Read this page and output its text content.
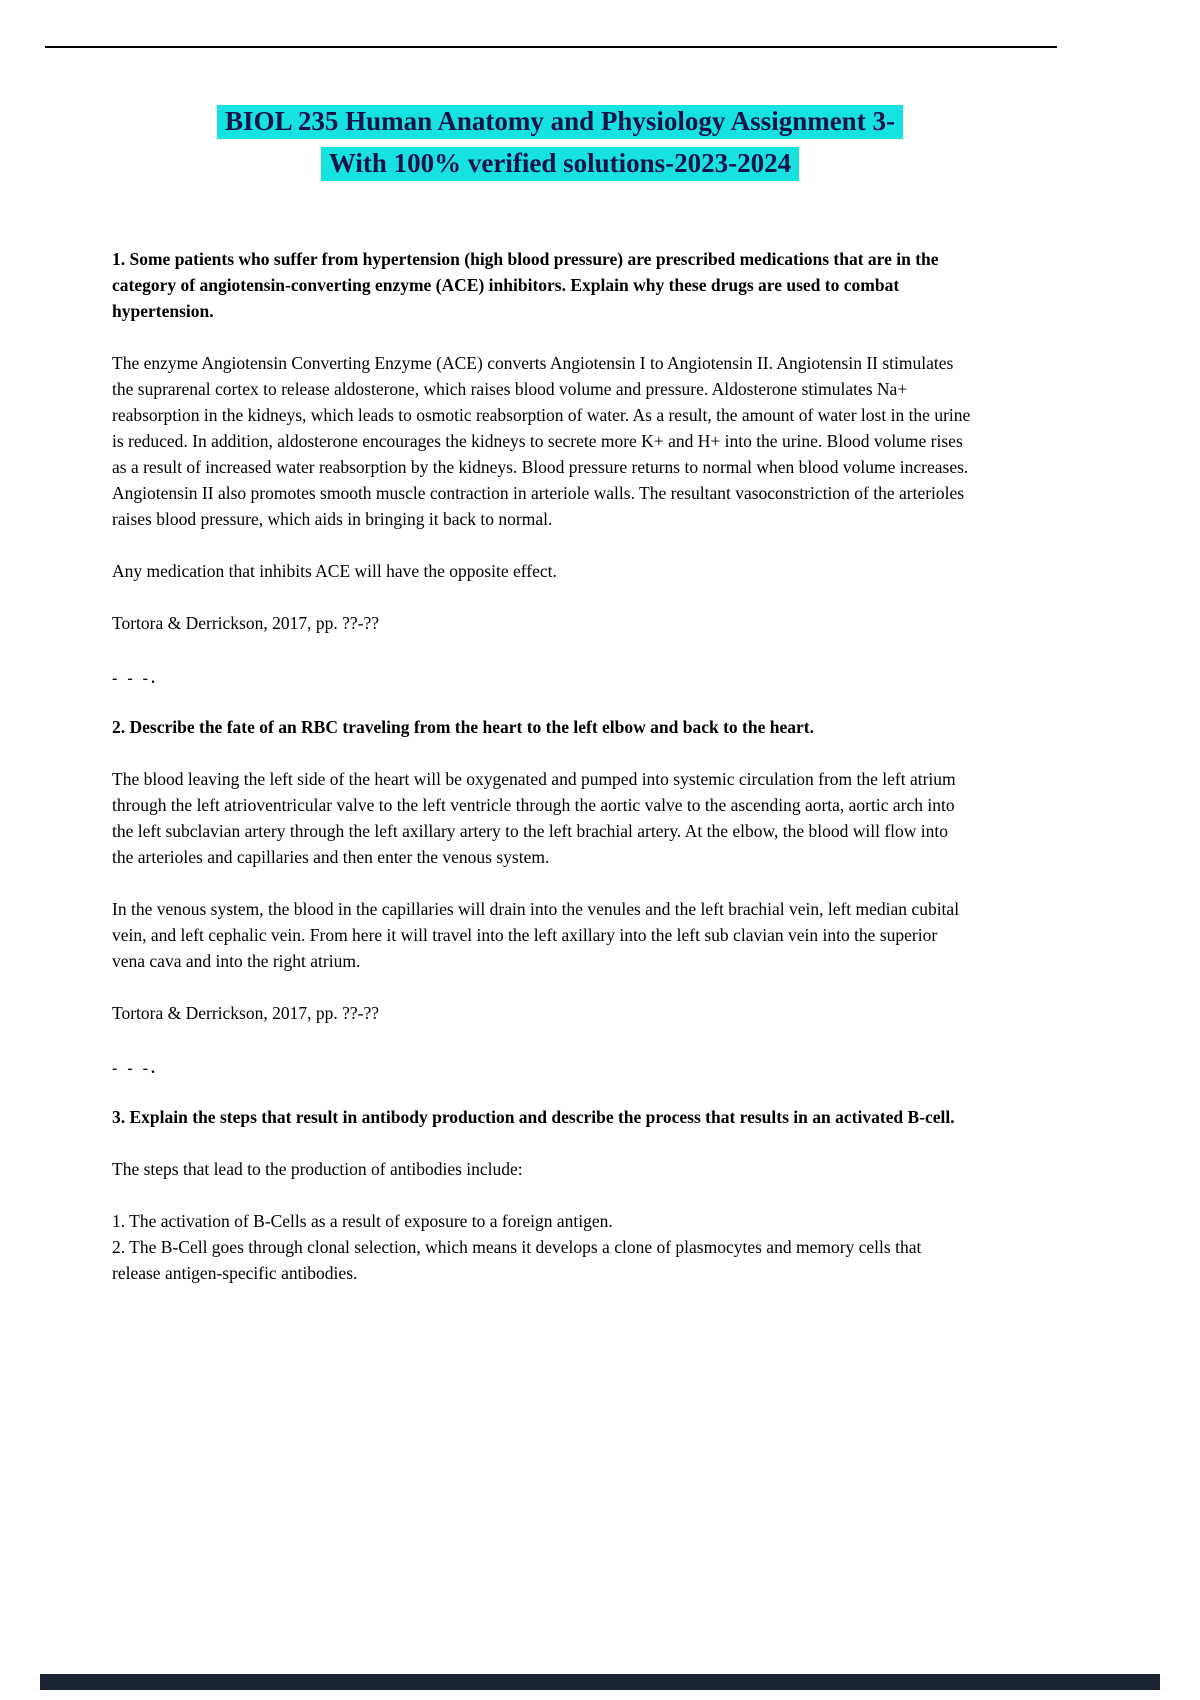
BIOL 235 Human Anatomy and Physiology Assignment 3-
With 100% verified solutions-2023-2024

1. Some patients who suffer from hypertension (high blood pressure) are prescribed medications that are in the category of angiotensin-converting enzyme (ACE) inhibitors. Explain why these drugs are used to combat hypertension.

The enzyme Angiotensin Converting Enzyme (ACE) converts Angiotensin I to Angiotensin II. Angiotensin II stimulates the suprarenal cortex to release aldosterone, which raises blood volume and pressure. Aldosterone stimulates Na+ reabsorption in the kidneys, which leads to osmotic reabsorption of water. As a result, the amount of water lost in the urine is reduced. In addition, aldosterone encourages the kidneys to secrete more K+ and H+ into the urine. Blood volume rises as a result of increased water reabsorption by the kidneys. Blood pressure returns to normal when blood volume increases. Angiotensin II also promotes smooth muscle contraction in arteriole walls. The resultant vasoconstriction of the arterioles raises blood pressure, which aids in bringing it back to normal.

Any medication that inhibits ACE will have the opposite effect.

Tortora & Derrickson, 2017, pp. ??-??

- - -.

2. Describe the fate of an RBC traveling from the heart to the left elbow and back to the heart.

The blood leaving the left side of the heart will be oxygenated and pumped into systemic circulation from the left atrium through the left atrioventricular valve to the left ventricle through the aortic valve to the ascending aorta, aortic arch into the left subclavian artery through the left axillary artery to the left brachial artery. At the elbow, the blood will flow into the arterioles and capillaries and then enter the venous system.

In the venous system, the blood in the capillaries will drain into the venules and the left brachial vein, left median cubital vein, and left cephalic vein. From here it will travel into the left axillary into the left sub clavian vein into the superior vena cava and into the right atrium.

Tortora & Derrickson, 2017, pp. ??-??

- - -.

3. Explain the steps that result in antibody production and describe the process that results in an activated B-cell.

The steps that lead to the production of antibodies include:

1. The activation of B-Cells as a result of exposure to a foreign antigen.
2. The B-Cell goes through clonal selection, which means it develops a clone of plasmocytes and memory cells that release antigen-specific antibodies.
